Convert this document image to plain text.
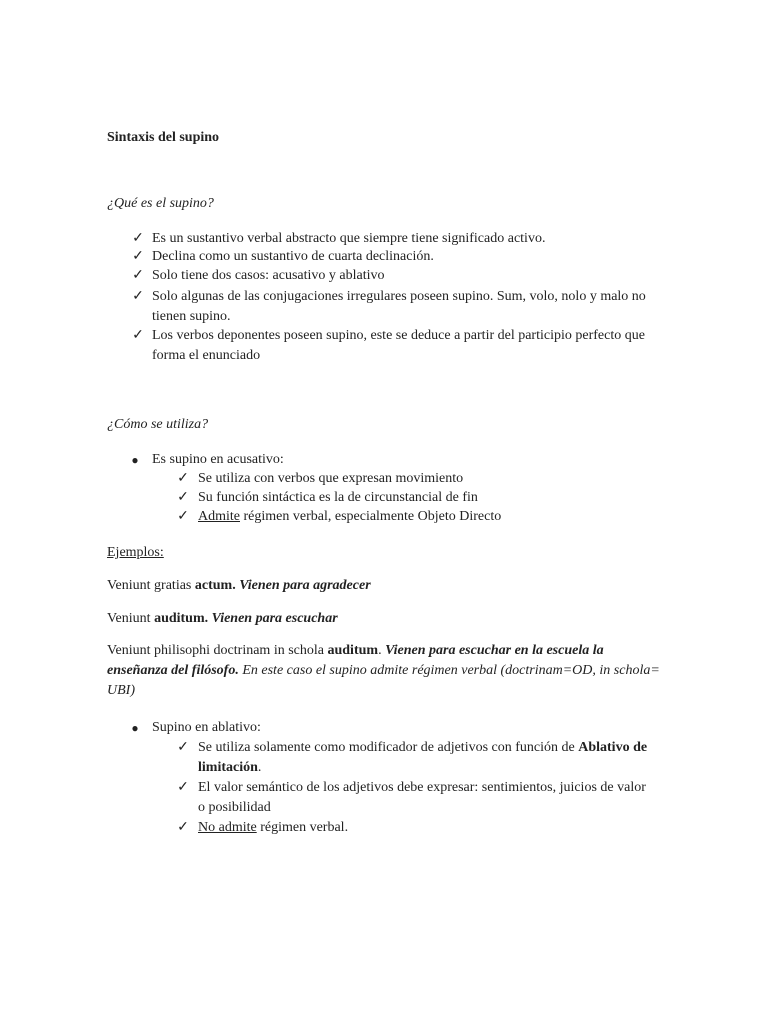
Sintaxis del supino
¿Qué es el supino?
✓ Es un sustantivo verbal abstracto que siempre tiene significado activo.
✓ Declina como un sustantivo de cuarta declinación.
✓ Solo tiene dos casos: acusativo y ablativo
✓ Solo algunas de las conjugaciones irregulares poseen supino. Sum, volo, nolo y malo no tienen supino.
✓ Los verbos deponentes poseen supino, este se deduce a partir del participio perfecto que forma el enunciado
¿Cómo se utiliza?
● Es supino en acusativo:
✓ Se utiliza con verbos que expresan movimiento
✓ Su función sintáctica es la de circunstancial de fin
✓ Admite régimen verbal, especialmente Objeto Directo
Ejemplos:
Veniunt gratias actum. Vienen para agradecer
Veniunt auditum. Vienen para escuchar
Veniunt philisophi doctrinam in schola auditum. Vienen para escuchar en la escuela la enseñanza del filósofo. En este caso el supino admite régimen verbal (doctrinam=OD, in schola= UBI)
● Supino en ablativo:
✓ Se utiliza solamente como modificador de adjetivos con función de Ablativo de limitación.
✓ El valor semántico de los adjetivos debe expresar: sentimientos, juicios de valor o posibilidad
✓ No admite régimen verbal.
